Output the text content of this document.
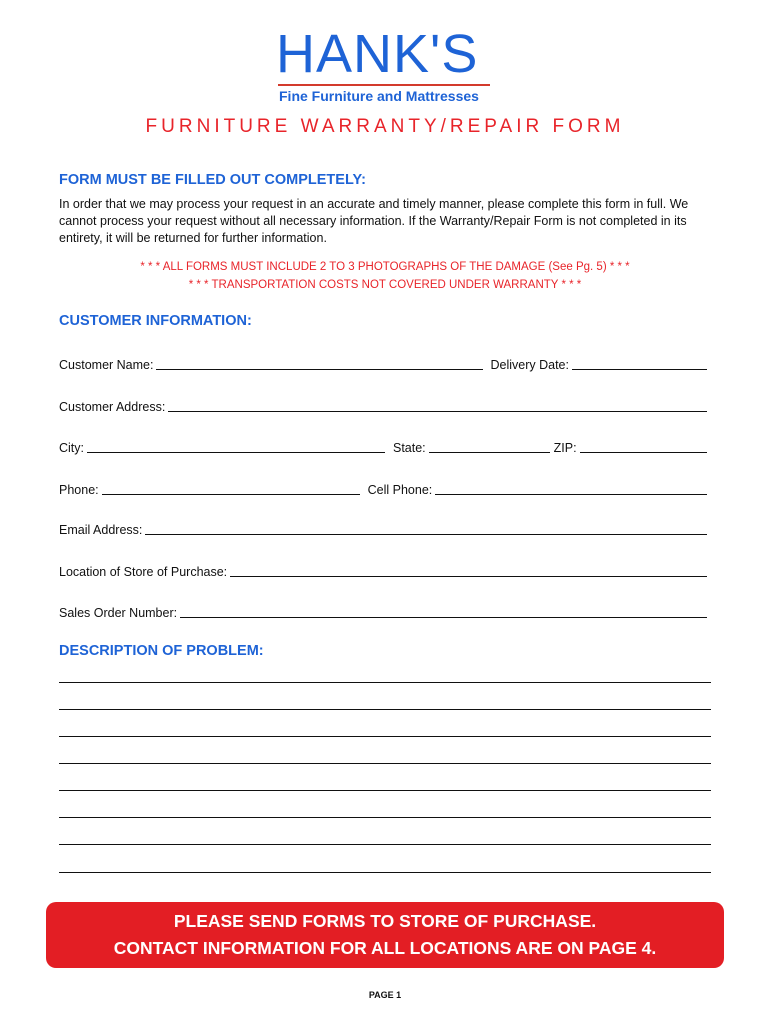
HANK'S
Fine Furniture and Mattresses
FURNITURE WARRANTY/REPAIR FORM
FORM MUST BE FILLED OUT COMPLETELY:
In order that we may process your request in an accurate and timely manner, please complete this form in full. We cannot process your request without all necessary information. If the Warranty/Repair Form is not completed in its entirety, it will be returned for further information.
* * * ALL FORMS MUST INCLUDE 2 TO 3 PHOTOGRAPHS OF THE DAMAGE (See Pg. 5) * * *
* * * TRANSPORTATION COSTS NOT COVERED UNDER WARRANTY * * *
CUSTOMER INFORMATION:
Customer Name:	Delivery Date:
Customer Address:
City:	State:	ZIP:
Phone:	Cell Phone:
Email Address:
Location of Store of Purchase:
Sales Order Number:
DESCRIPTION OF PROBLEM:
PLEASE SEND FORMS TO STORE OF PURCHASE.
CONTACT INFORMATION FOR ALL LOCATIONS ARE ON PAGE 4.
PAGE 1
